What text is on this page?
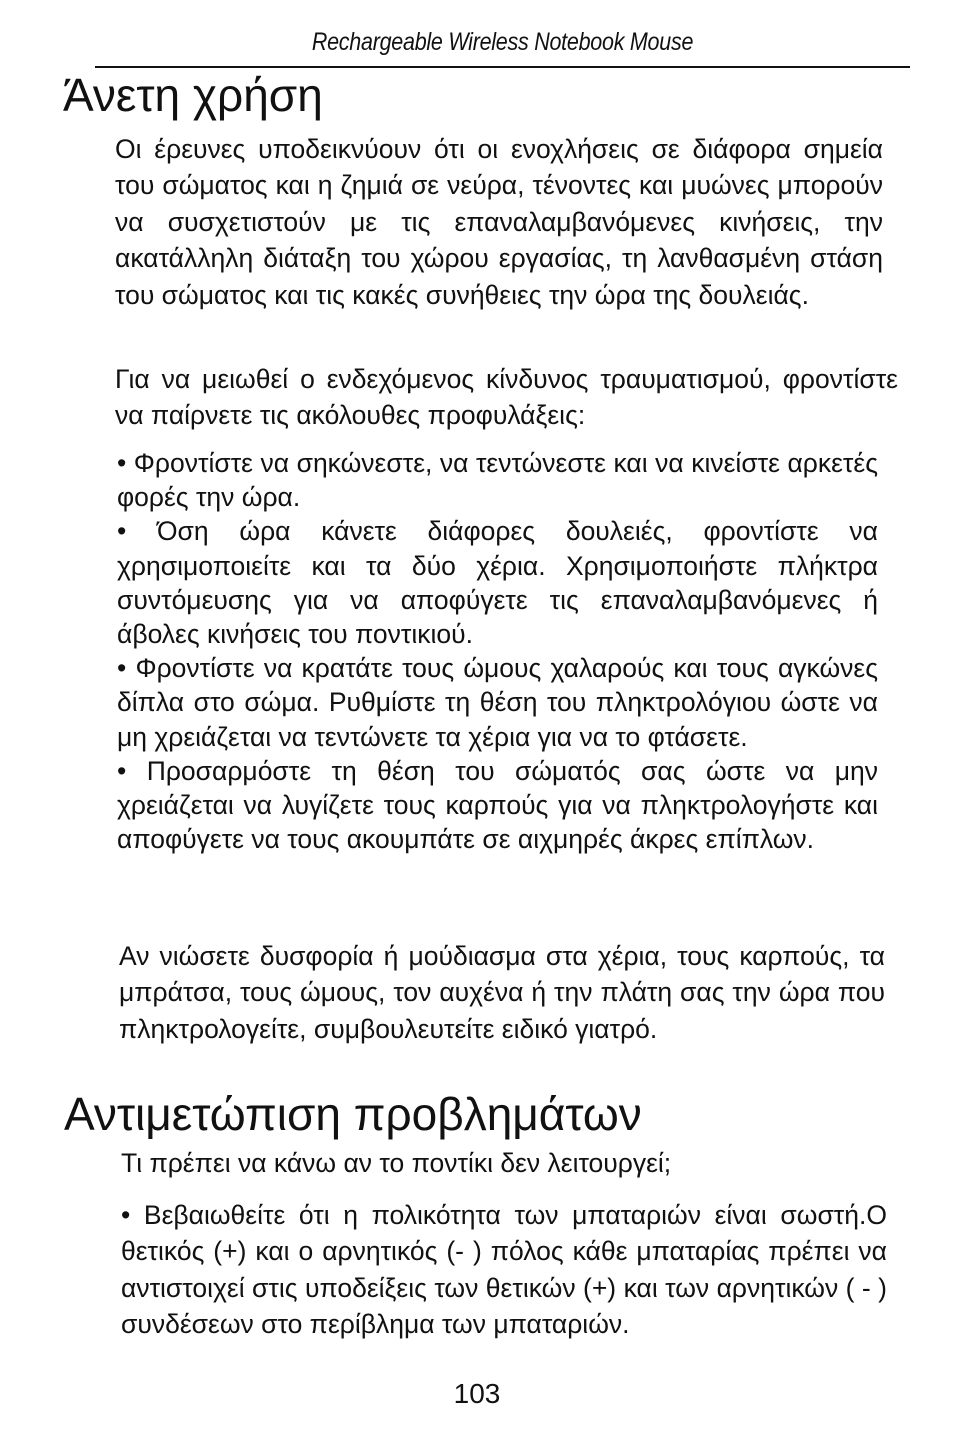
Rechargeable Wireless Notebook Mouse
Άνετη χρήση

Οι έρευνες υποδεικνύουν ότι οι ενοχλήσεις σε διάφορα σημεία του σώματος και η ζημιά σε νεύρα, τένοντες και μυώνες μπορούν να συσχετιστούν με τις επαναλαμβανόμενες κινήσεις, την ακατάλληλη διάταξη του χώρου εργασίας, τη λανθασμένη στάση του σώματος και τις κακές συνήθειες την ώρα της δουλειάς.

Για να μειωθεί ο ενδεχόμενος κίνδυνος τραυματισμού, φροντίστε να παίρνετε τις ακόλουθες προφυλάξεις:

• Φροντίστε να σηκώνεστε, να τεντώνεστε και να κινείστε αρκετές φορές την ώρα.
• Όση ώρα κάνετε διάφορες δουλειές, φροντίστε να χρησιμοποιείτε και τα δύο χέρια. Χρησιμοποιήστε πλήκτρα συντόμευσης για να αποφύγετε τις επαναλαμβανόμενες ή άβολες κινήσεις του ποντικιού.
• Φροντίστε να κρατάτε τους ώμους χαλαρούς και τους αγκώνες δίπλα στο σώμα. Ρυθμίστε τη θέση του πληκτρολόγιου ώστε να μη χρειάζεται να τεντώνετε τα χέρια για να το φτάσετε.
• Προσαρμόστε τη θέση του σώματός σας ώστε να μην χρειάζεται να λυγίζετε τους καρπούς για να πληκτρολογήστε και αποφύγετε να τους ακουμπάτε σε αιχμηρές άκρες επίπλων.

Αν νιώσετε δυσφορία ή μούδιασμα στα χέρια, τους καρπούς, τα μπράτσα, τους ώμους, τον αυχένα ή την πλάτη σας την ώρα που πληκτρολογείτε, συμβουλευτείτε ειδικό γιατρό.

Αντιμετώπιση προβλημάτων

Τι πρέπει να κάνω αν το ποντίκι δεν λειτουργεί;

• Βεβαιωθείτε ότι η πολικότητα των μπαταριών είναι σωστή.Ο θετικός (+) και ο αρνητικός (- ) πόλος κάθε μπαταρίας πρέπει να αντιστοιχεί στις υποδείξεις των θετικών (+) και των αρνητικών ( - ) συνδέσεων στο περίβλημα των μπαταριών.

103
